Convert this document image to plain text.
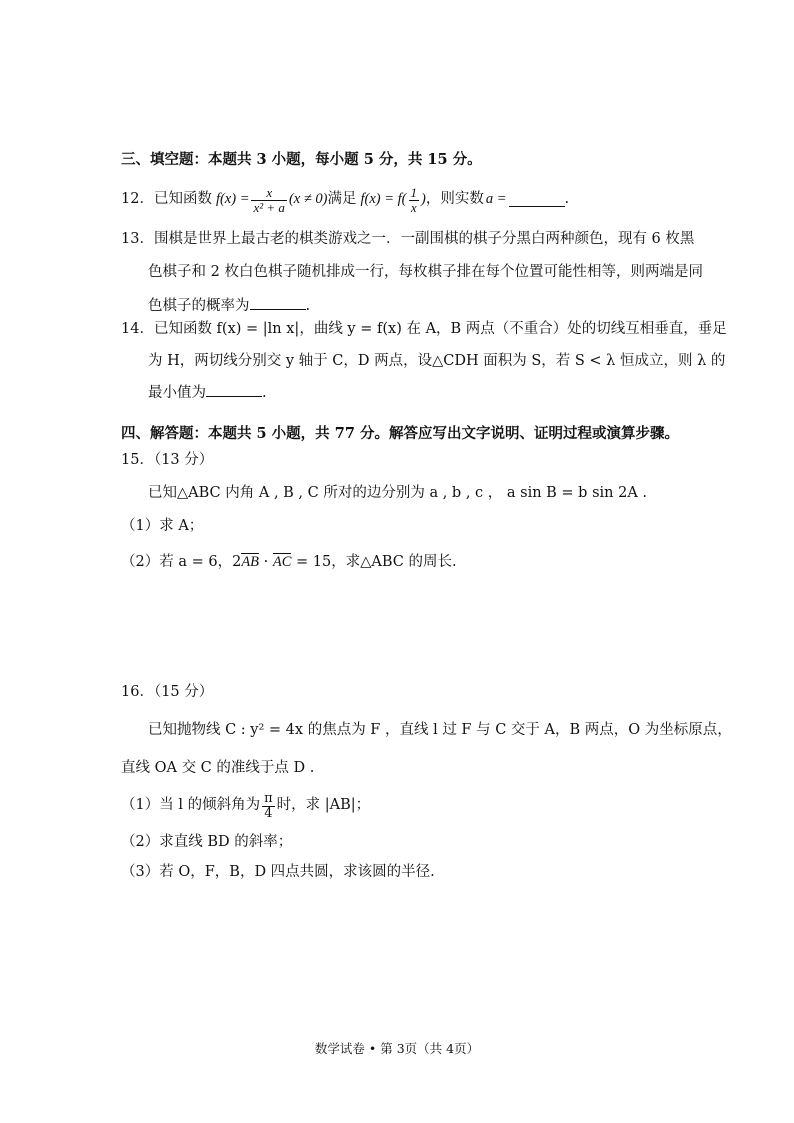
三、填空题：本题共 3 小题，每小题 5 分，共 15 分。
12． 已知函数 $f(x) = \frac{x}{\text{x² + a}} (x \ne 0)$ 满足 $f(x) = f( \frac{1}{x}$ ) ，则实数 a =	.
13．围棋是世界上最古老的棋类游戏之一．一副围棋的棋子分黑白两种颜色，现有 6 枚黑
色棋子和 2 枚白色棋子随机排成一行，每枚棋子排在每个位置可能性相等，则两端是同
色棋子的概率为	.
14．已知函数 f(x) = |ln x|，曲线 y = f(x) 在 A，B 两点（不重合）处的切线互相垂直，垂足
为 H，两切线分别交 y 轴于 C，D 两点，设△CDH 面积为 S，若 S < λ 恒成立，则 λ 的
最小值为	.
四、解答题：本题共 5 小题，共 77 分。解答应写出文字说明、证明过程或演算步骤。
15．（13 分）
已知△ABC 内角 A , B , C 所对的边分别为 a , b , c ， a sin B = b sin 2A .
（1）求 A；
（2）若 a = 6，2AB · AC = 15，求△ABC 的周长.
16．（15 分）
已知抛物线 C : y² = 4x 的焦点为 F ，直线 l 过 F 与 C 交于 A，B 两点，O 为坐标原点，
直线 OA 交 C 的准线于点 D .
（1）当 l 的倾斜角为 $\frac{\pi}{4}$ 时，求 |AB|；
（2）求直线 BD 的斜率；
（3）若 O，F，B，D 四点共圆，求该圆的半径.
数学试卷 • 第 3页（共 4页）
